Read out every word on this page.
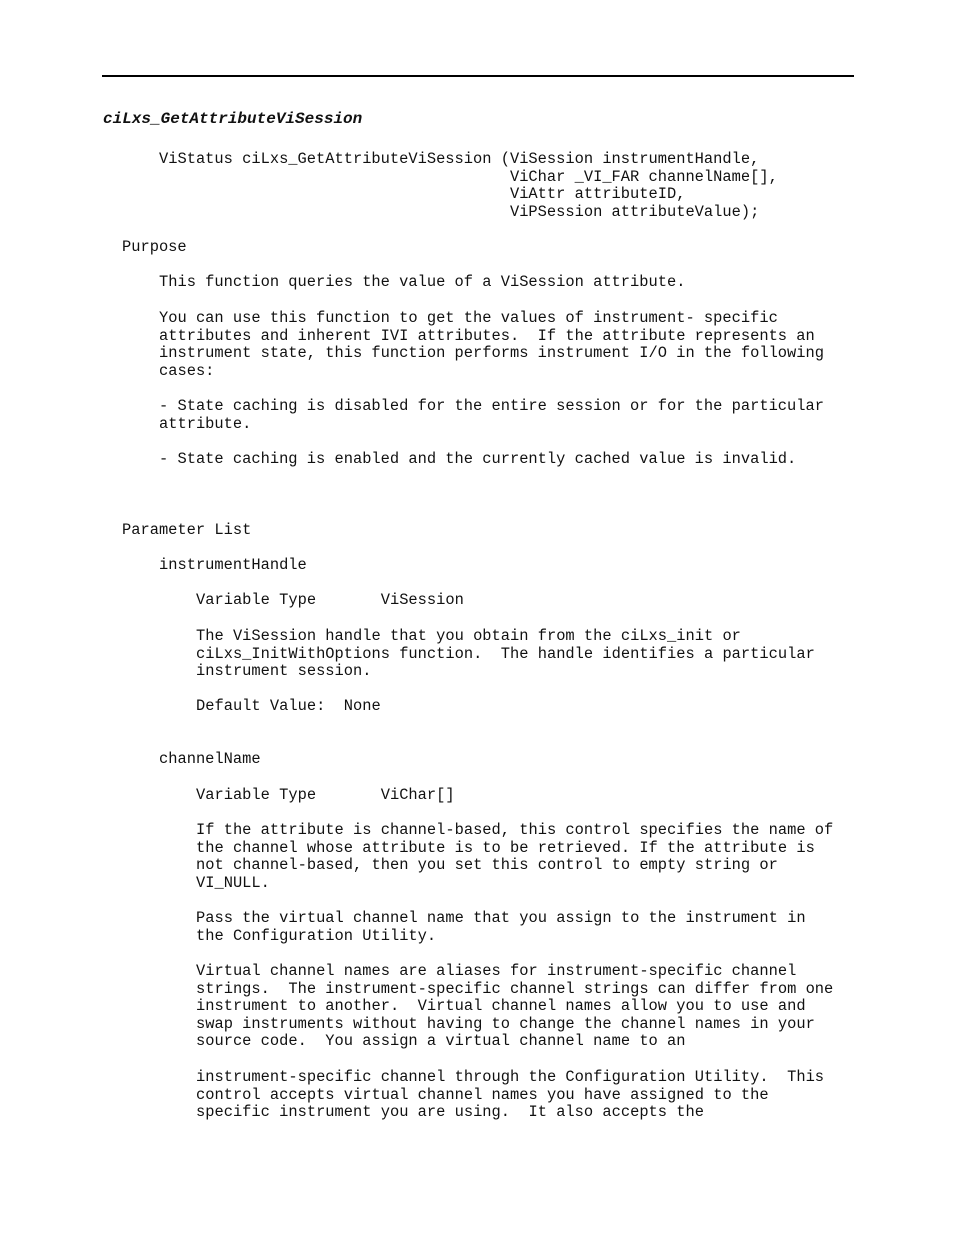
ciLxs_GetAttributeViSession
ViStatus ciLxs_GetAttributeViSession (ViSession instrumentHandle,
ViChar _VI_FAR channelName[],
ViAttr attributeID,
ViPSession attributeValue);
Purpose
This function queries the value of a ViSession attribute.
You can use this function to get the values of instrument- specific
attributes and inherent IVI attributes.  If the attribute represents an
instrument state, this function performs instrument I/O in the following
cases:
- State caching is disabled for the entire session or for the particular
attribute.
- State caching is enabled and the currently cached value is invalid.
Parameter List
instrumentHandle
Variable Type       ViSession
The ViSession handle that you obtain from the ciLxs_init or
ciLxs_InitWithOptions function.  The handle identifies a particular
instrument session.
Default Value:  None
channelName
Variable Type       ViChar[]
If the attribute is channel-based, this control specifies the name of
the channel whose attribute is to be retrieved. If the attribute is
not channel-based, then you set this control to empty string or
VI_NULL.
Pass the virtual channel name that you assign to the instrument in
the Configuration Utility.
Virtual channel names are aliases for instrument-specific channel
strings.  The instrument-specific channel strings can differ from one
instrument to another.  Virtual channel names allow you to use and
swap instruments without having to change the channel names in your
source code.  You assign a virtual channel name to an
instrument-specific channel through the Configuration Utility.  This
control accepts virtual channel names you have assigned to the
specific instrument you are using.  It also accepts the
